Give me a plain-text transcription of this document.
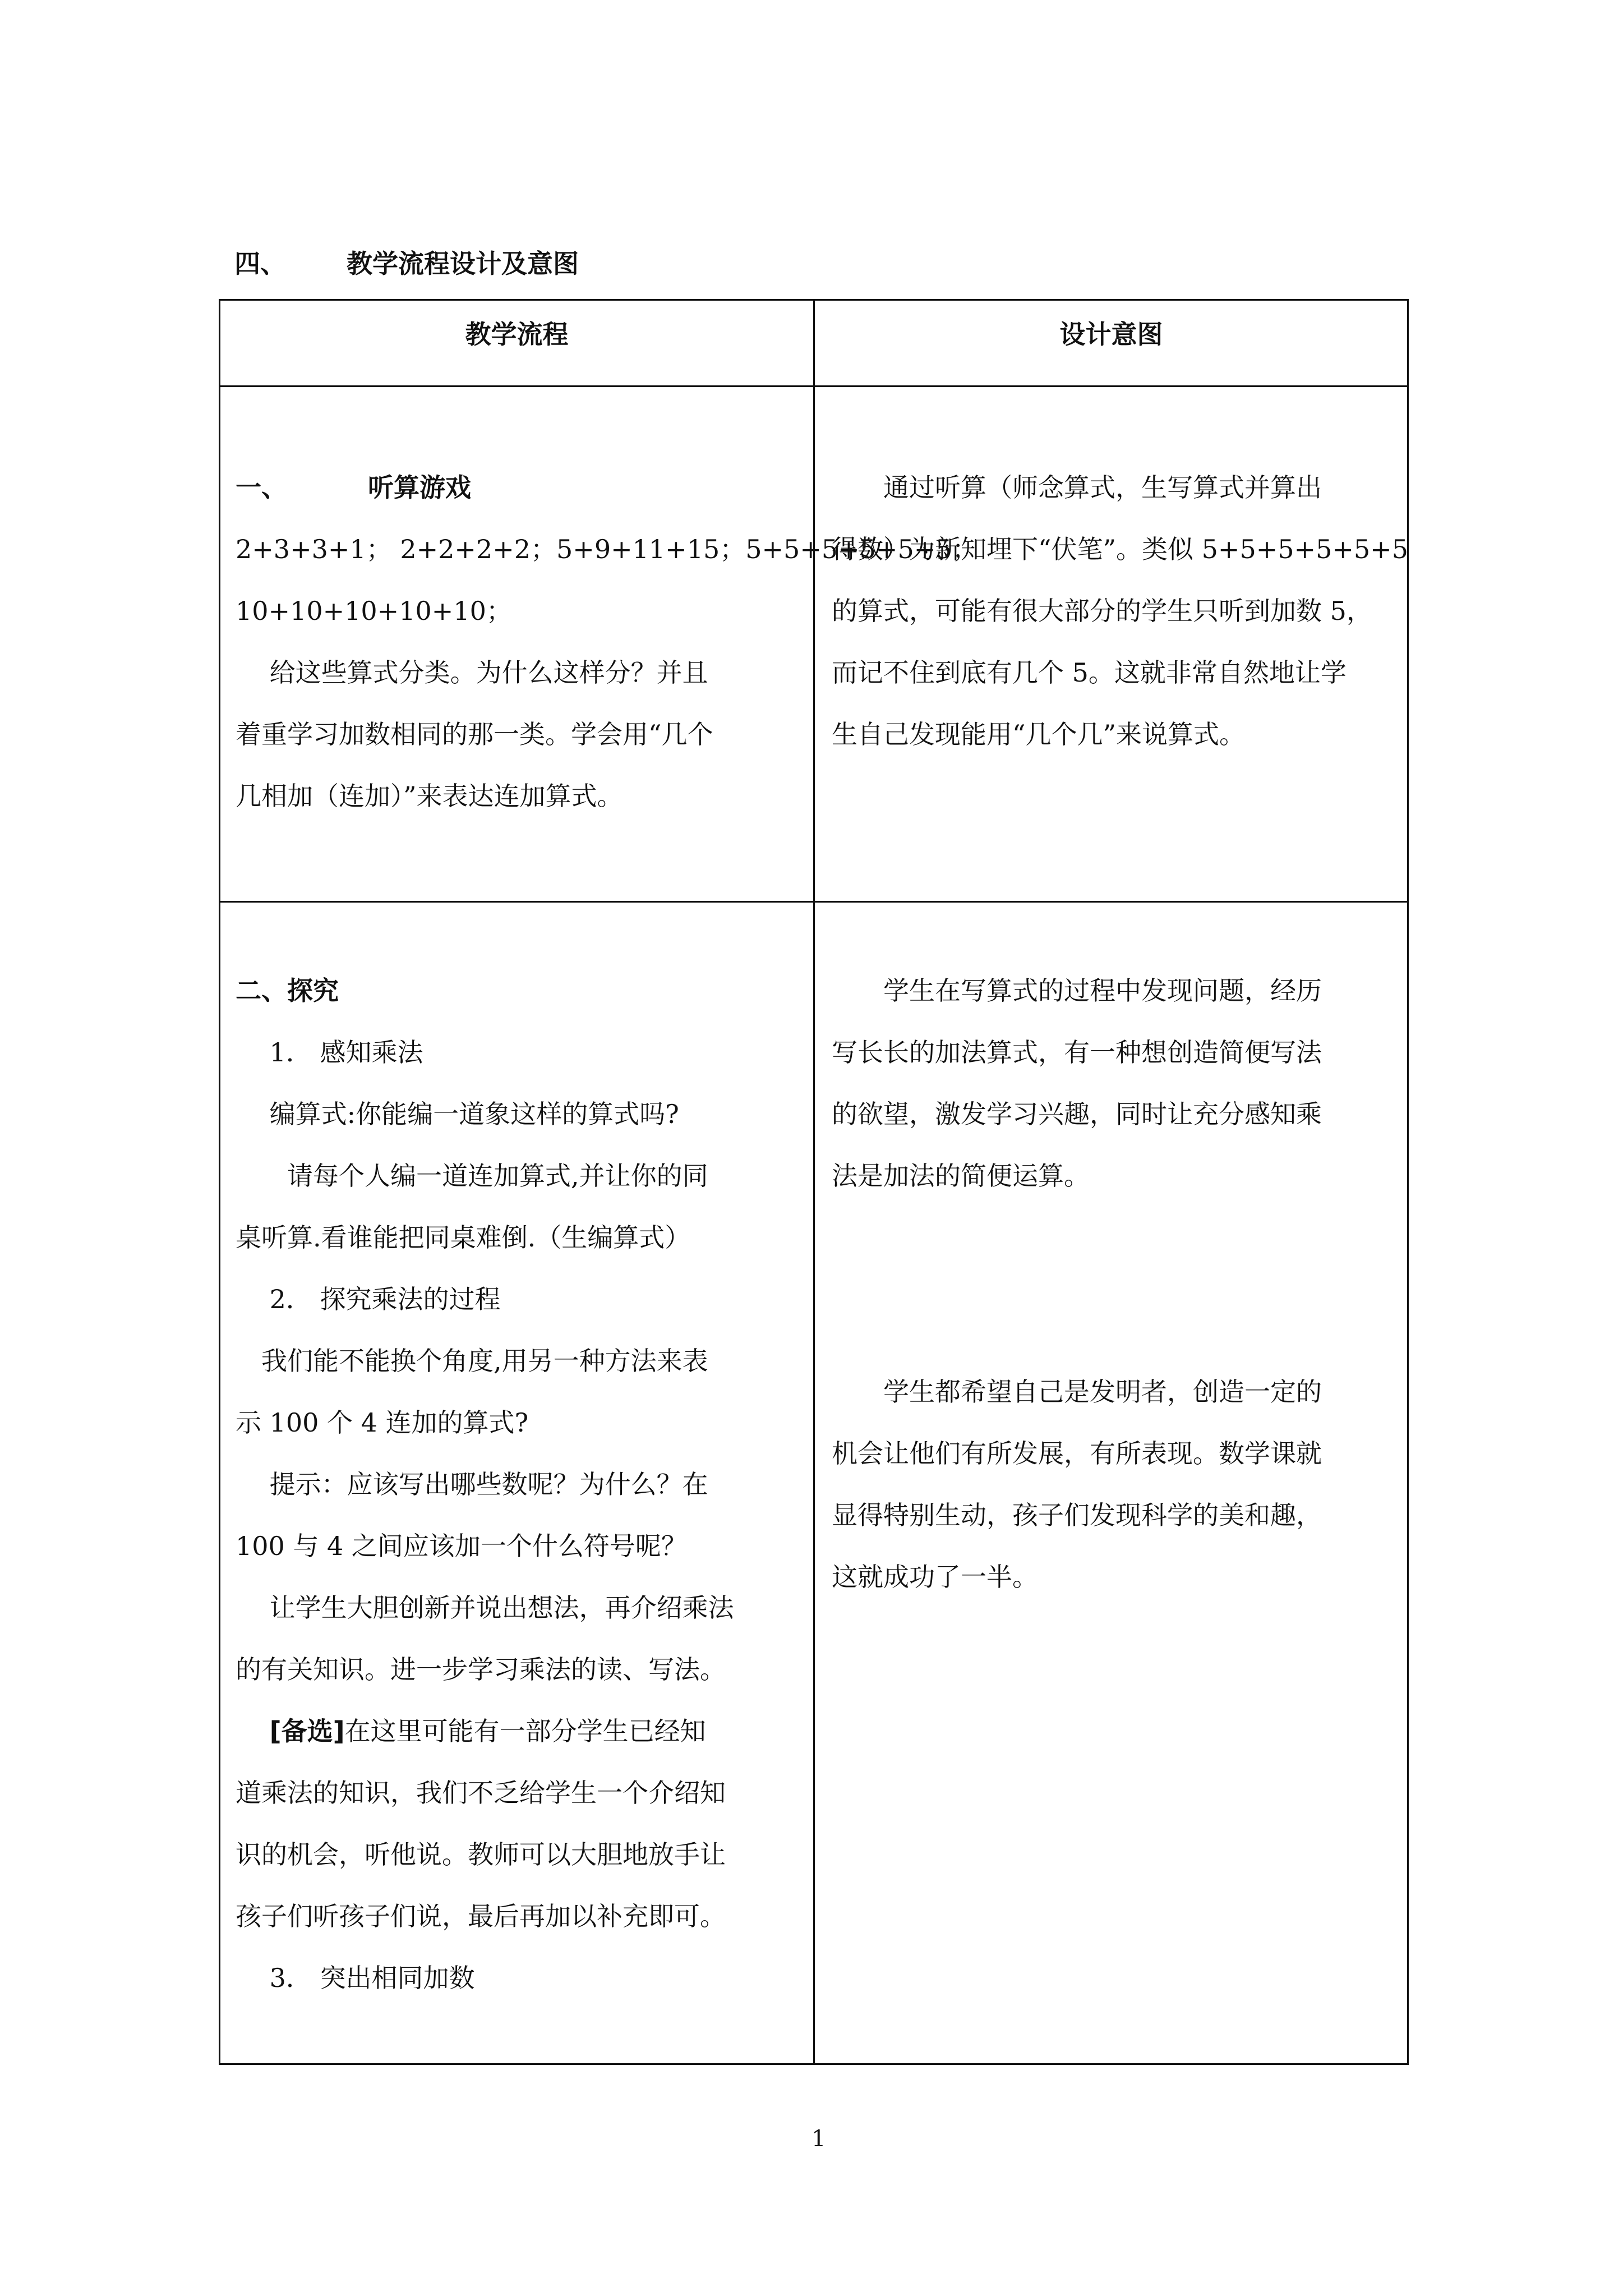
四、 教学流程设计及意图
教学流程	设计意图

一、	听算游戏

2+3+3+1； 2+2+2+2；5+9+11+15；5+5+5+5+5+5；

10+10+10+10+10；

　 给这些算式分类。为什么这样分？并且

着重学习加数相同的那一类。学会用“几个

几相加（连加）”来表达连加算式。

　　通过听算（师念算式，生写算式并算出

得数）为新知埋下“伏笔”。类似 5+5+5+5+5+5

的算式，可能有很大部分的学生只听到加数 5，

而记不住到底有几个 5。这就非常自然地让学

生自己发现能用“几个几”来说算式。

二、探究

　 1． 感知乘法

　 编算式:你能编一道象这样的算式吗?

　　请每个人编一道连加算式,并让你的同

桌听算.看谁能把同桌难倒.（生编算式）

　 2． 探究乘法的过程

　我们能不能换个角度,用另一种方法来表

示 100 个 4 连加的算式?

　 提示：应该写出哪些数呢？为什么？在

100 与 4 之间应该加一个什么符号呢？

　 让学生大胆创新并说出想法，再介绍乘法

的有关知识。进一步学习乘法的读、写法。

　 [备选]在这里可能有一部分学生已经知

道乘法的知识，我们不乏给学生一个介绍知

识的机会，听他说。教师可以大胆地放手让

孩子们听孩子们说，最后再加以补充即可。

　 3． 突出相同加数

　　学生在写算式的过程中发现问题，经历

写长长的加法算式，有一种想创造简便写法

的欲望，激发学习兴趣，同时让充分感知乘

法是加法的简便运算。

　　学生都希望自己是发明者，创造一定的

机会让他们有所发展，有所表现。数学课就

显得特别生动，孩子们发现科学的美和趣，

这就成功了一半。

1
